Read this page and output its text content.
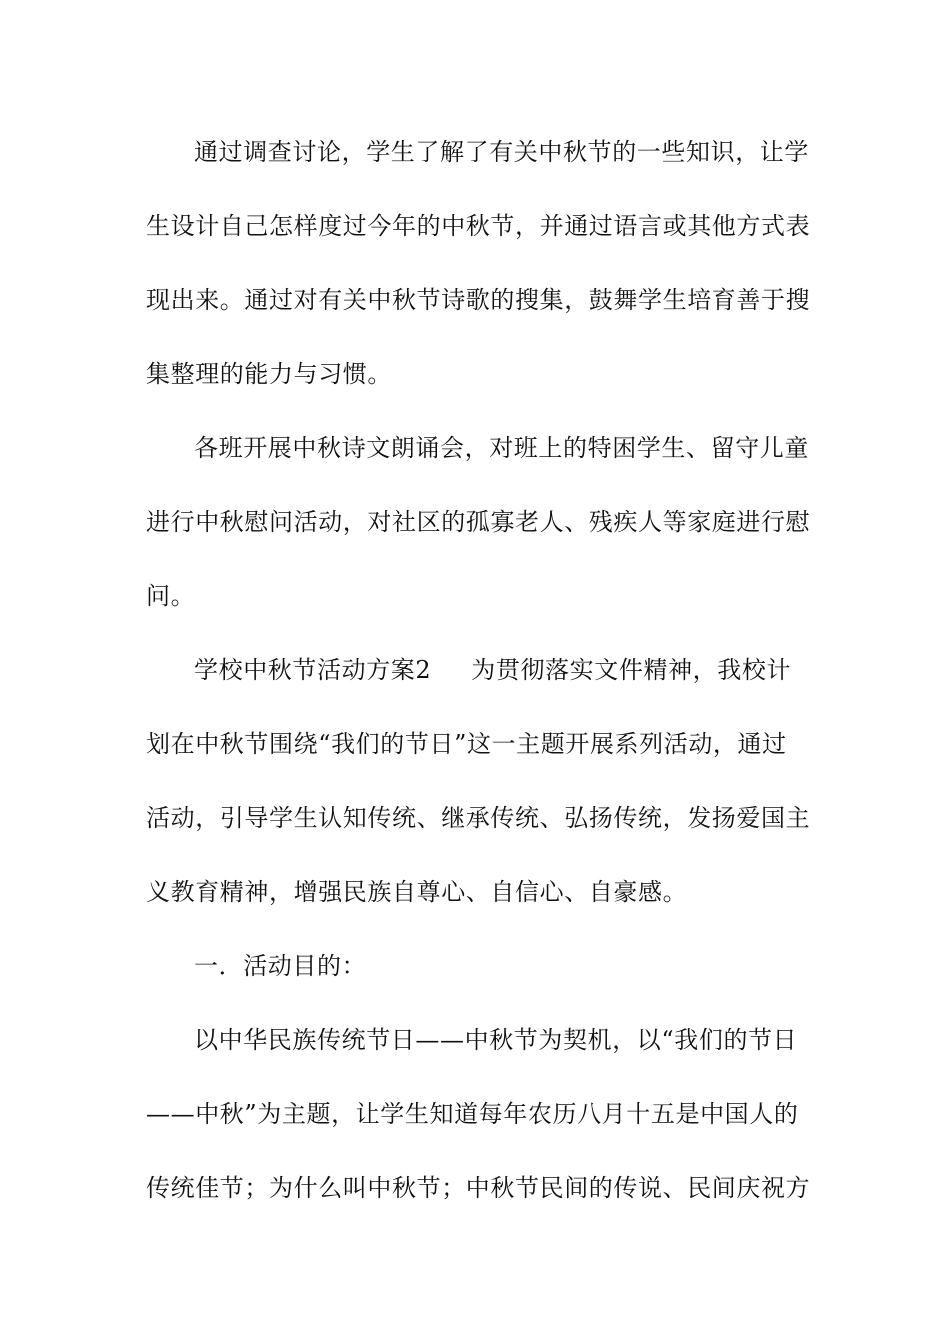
通过调查讨论，学生了解了有关中秋节的一些知识，让学
生设计自己怎样度过今年的中秋节，并通过语言或其他方式表
现出来。通过对有关中秋节诗歌的搜集，鼓舞学生培育善于搜
集整理的能力与习惯。
各班开展中秋诗文朗诵会，对班上的特困学生、留守儿童
进行中秋慰问活动，对社区的孤寡老人、残疾人等家庭进行慰
问。
学校中秋节活动方案2 为贯彻落实文件精神，我校计
划在中秋节围绕“我们的节日”这一主题开展系列活动，通过
活动，引导学生认知传统、继承传统、弘扬传统，发扬爱国主
义教育精神，增强民族自尊心、自信心、自豪感。
一．活动目的：
以中华民族传统节日——中秋节为契机，以“我们的节日
——中秋”为主题，让学生知道每年农历八月十五是中国人的
传统佳节；为什么叫中秋节；中秋节民间的传说、民间庆祝方
